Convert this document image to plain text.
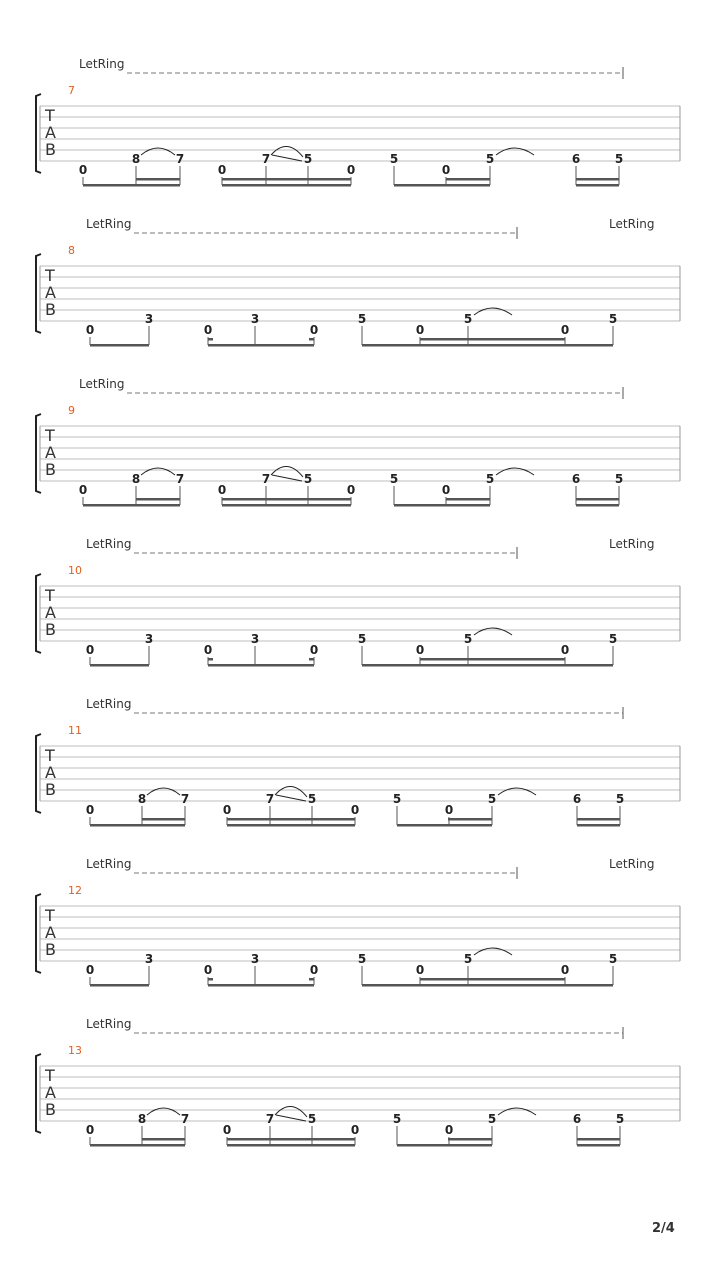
LetRing
7
T
A
B
0
8	7
0
7	5
0
5
0
5	6	5
LetRing	LetRing
8
T
A
B
0
3
0
3
0
5
0
5
0
5
LetRing
9
T
A
B
0
8	7
0
7	5
0
5
0
5	6	5
LetRing	LetRing
10
T
A
B
0
3
0
3
0
5
0
5
0
5
LetRing
11
T
A
B
0
8	7
0
7	5
0
5
0
5	6	5
LetRing	LetRing
12
T
A
B
0
3
0
3
0
5
0
5
0
5
LetRing
13
T
A
B
0
8	7
0
7	5
0
5
0
5	6	5
2/4
